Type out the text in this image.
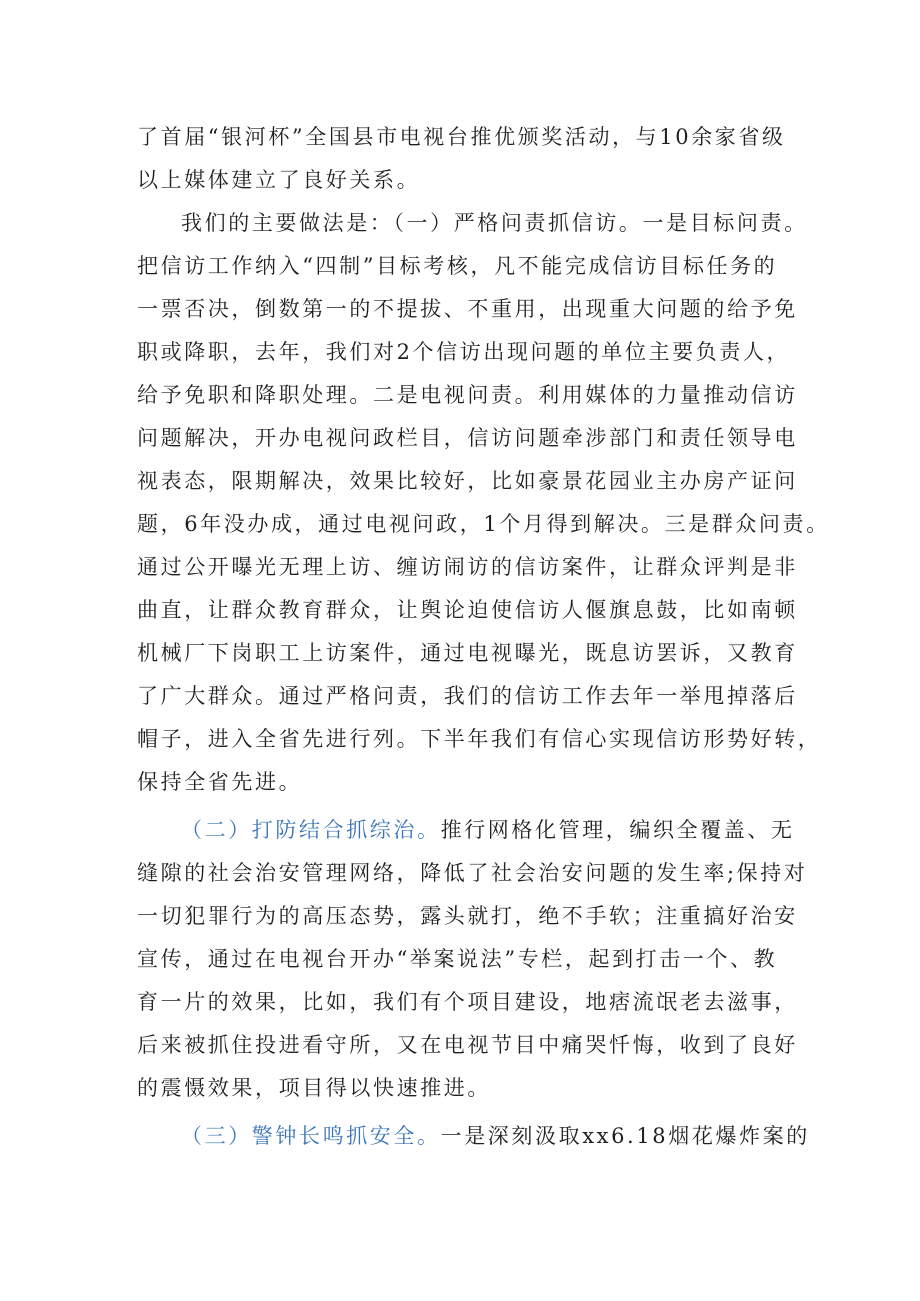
了首届“银河杯”全国县市电视台推优颁奖活动，与10余家省级
以上媒体建立了良好关系。
我们的主要做法是：（一）严格问责抓信访。一是目标问责。
把信访工作纳入“四制”目标考核，凡不能完成信访目标任务的
一票否决，倒数第一的不提拔、不重用，出现重大问题的给予免
职或降职，去年，我们对2个信访出现问题的单位主要负责人，
给予免职和降职处理。二是电视问责。利用媒体的力量推动信访
问题解决，开办电视问政栏目，信访问题牵涉部门和责任领导电
视表态，限期解决，效果比较好，比如豪景花园业主办房产证问
题，6年没办成，通过电视问政，1个月得到解决。三是群众问责。
通过公开曝光无理上访、缠访闹访的信访案件，让群众评判是非
曲直，让群众教育群众，让舆论迫使信访人偃旗息鼓，比如南顿
机械厂下岗职工上访案件，通过电视曝光，既息访罢诉，又教育
了广大群众。通过严格问责，我们的信访工作去年一举甩掉落后
帽子，进入全省先进行列。下半年我们有信心实现信访形势好转，
保持全省先进。
（二）打防结合抓综治。推行网格化管理，编织全覆盖、无
缝隙的社会治安管理网络，降低了社会治安问题的发生率;保持对
一切犯罪行为的高压态势，露头就打，绝不手软；注重搞好治安
宣传，通过在电视台开办“举案说法”专栏，起到打击一个、教
育一片的效果，比如，我们有个项目建设，地痞流氓老去滋事，
后来被抓住投进看守所，又在电视节目中痛哭忏悔，收到了良好
的震慑效果，项目得以快速推进。
（三）警钟长鸣抓安全。一是深刻汲取xx6.18烟花爆炸案的
